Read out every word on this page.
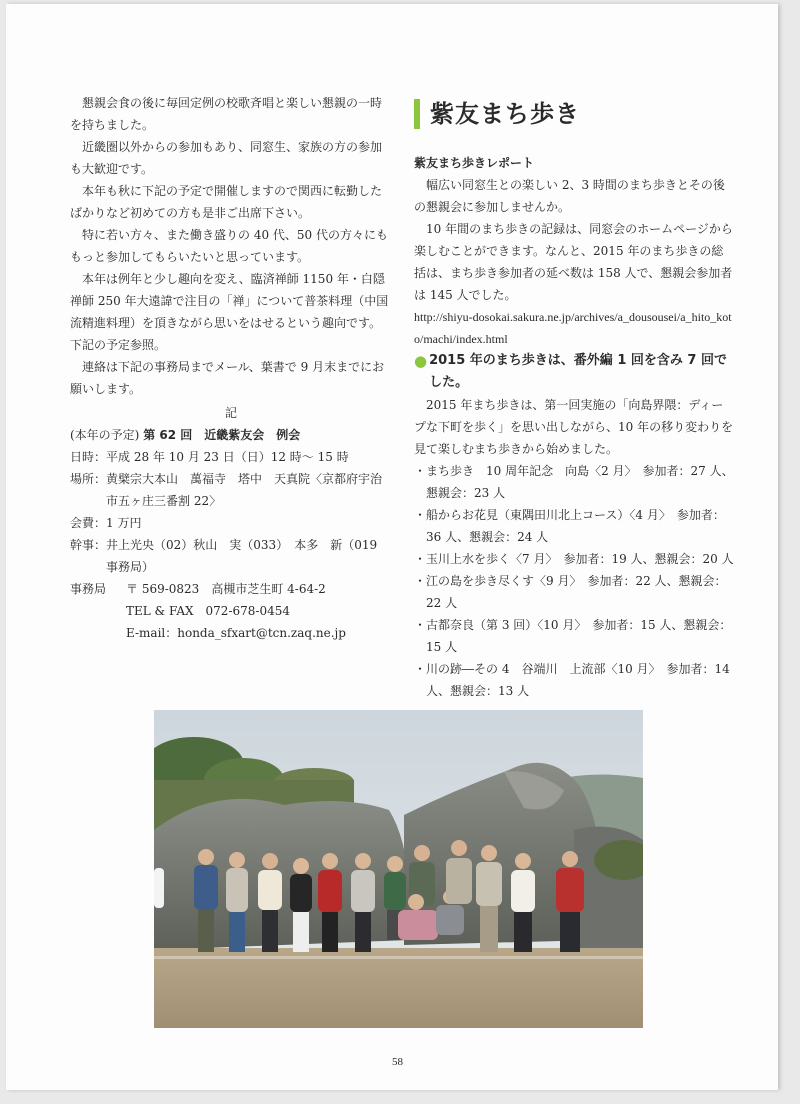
懇親会食の後に毎回定例の校歌斉唱と楽しい懇親の一時を持ちました。

近畿圏以外からの参加もあり、同窓生、家族の方の参加も大歓迎です。

本年も秋に下記の予定で開催しますので関西に転勤したばかりなど初めての方も是非ご出席下さい。

特に若い方々、また働き盛りの 40 代、50 代の方々にももっと参加してもらいたいと思っています。

本年は例年と少し趣向を変え、臨済禅師 1150 年・白隠禅師 250 年大遠諱で注目の「禅」について普茶料理（中国流精進料理）を頂きながら思いをはせるという趣向です。下記の予定参照。

連絡は下記の事務局までメール、葉書で 9 月末までにお願いします。

記
(本年の予定) 第 62 回　近畿紫友会　例会
日時： 平成 28 年 10 月 23 日（日）12 時〜 15 時
場所： 黄檗宗大本山　萬福寺　塔中　天真院〈京都府宇治市五ヶ庄三番割 22〉
会費： 1 万円
幹事： 井上光央（02）秋山　実（033）　本多　新（019 事務局）
事務局	〒 569-0823　高槻市芝生町 4-64-2
TEL & FAX　072-678-0454
E-mail：honda_sfxart@tcn.zaq.ne.jp
紫友まち歩き
紫友まち歩きレポート

幅広い同窓生との楽しい 2、3 時間のまち歩きとその後の懇親会に参加しませんか。

10 年間のまち歩きの記録は、同窓会のホームページから楽しむことができます。なんと、2015 年のまち歩きの総括は、まち歩き参加者の延べ数は 158 人で、懇親会参加者は 145 人でした。

http://shiyu-dosokai.sakura.ne.jp/archives/a_dousousei/a_hito_koto/machi/index.html
● 2015 年のまち歩きは、番外編 1 回を含み 7 回でした。

2015 年まち歩きは、第一回実施の「向島界隈：ディープな下町を歩く」を思い出しながら、10 年の移り変わりを見て楽しむまち歩きから始めました。

・ まち歩き　10 周年記念　向島〈2 月〉　参加者：27 人、懇親会：23 人
・ 船からお花見（東隅田川北上コース）〈4 月〉　参加者：36 人、懇親会：24 人
・ 玉川上水を歩く〈7 月〉　参加者：19 人、懇親会：20 人
・ 江の島を歩き尽くす〈9 月〉　参加者：22 人、懇親会：22 人
・ 古都奈良（第 3 回）〈10 月〉　参加者：15 人、懇親会：15 人
・ 川の跡―その 4　谷端川　上流部〈10 月〉　参加者：14 人、懇親会：13 人
58
